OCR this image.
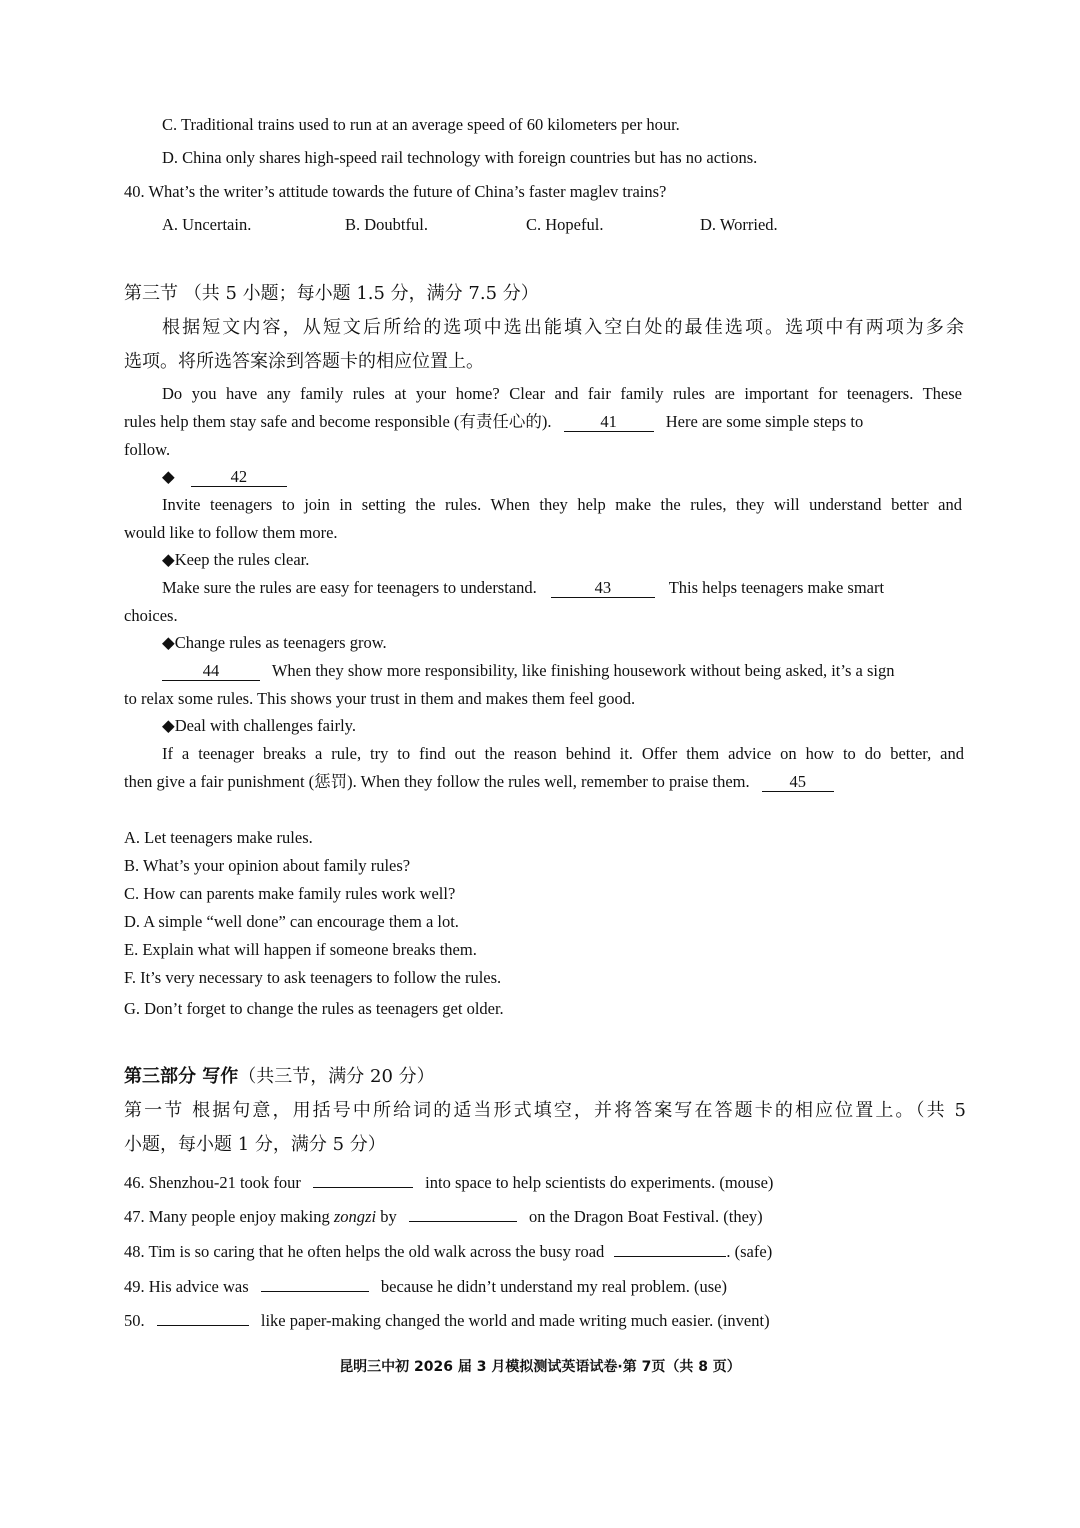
C. Traditional trains used to run at an average speed of 60 kilometers per hour.
D. China only shares high-speed rail technology with foreign countries but has no actions.
40. What’s the writer’s attitude towards the future of China’s faster maglev trains?
A. Uncertain.	B. Doubtful.	C. Hopeful.	D. Worried.
第三节 （共 5 小题；每小题 1.5 分，满分 7.5 分）
根据短文内容，从短文后所给的选项中选出能填入空白处的最佳选项。选项中有两项为多余
选项。将所选答案涂到答题卡的相应位置上。
Do you have any family rules at your home? Clear and fair family rules are important for teenagers. These
rules help them stay safe and become responsible (有责任心的).	41	Here are some simple steps to
follow.
◆	42
Invite teenagers to join in setting the rules. When they help make the rules, they will understand better and
would like to follow them more.
◆Keep the rules clear.
Make sure the rules are easy for teenagers to understand.	43	This helps teenagers make smart
choices.
◆Change rules as teenagers grow.
44	When they show more responsibility, like finishing housework without being asked, it’s a sign
to relax some rules. This shows your trust in them and makes them feel good.
◆Deal with challenges fairly.
If a teenager breaks a rule, try to find out the reason behind it. Offer them advice on how to do better, and
then give a fair punishment (惩罚). When they follow the rules well, remember to praise them. 45
A. Let teenagers make rules.
B. What’s your opinion about family rules?
C. How can parents make family rules work well?
D. A simple “well done” can encourage them a lot.
E. Explain what will happen if someone breaks them.
F. It’s very necessary to ask teenagers to follow the rules.
G. Don’t forget to change the rules as teenagers get older.
第三部分 写作（共三节，满分 20 分）
第一节 根据句意，用括号中所给词的适当形式填空，并将答案写在答题卡的相应位置上。（共 5
小题，每小题 1 分，满分 5 分）
46. Shenzhou-21 took four	into space to help scientists do experiments. (mouse)
47. Many people enjoy making zongzi by	on the Dragon Boat Festival. (they)
48. Tim is so caring that he often helps the old walk across the busy road	. (safe)
49. His advice was	because he didn’t understand my real problem. (use)
50.	like paper-making changed the world and made writing much easier. (invent)
昆明三中初 2026 届 3 月模拟测试英语试卷·第 7页（共 8 页）
